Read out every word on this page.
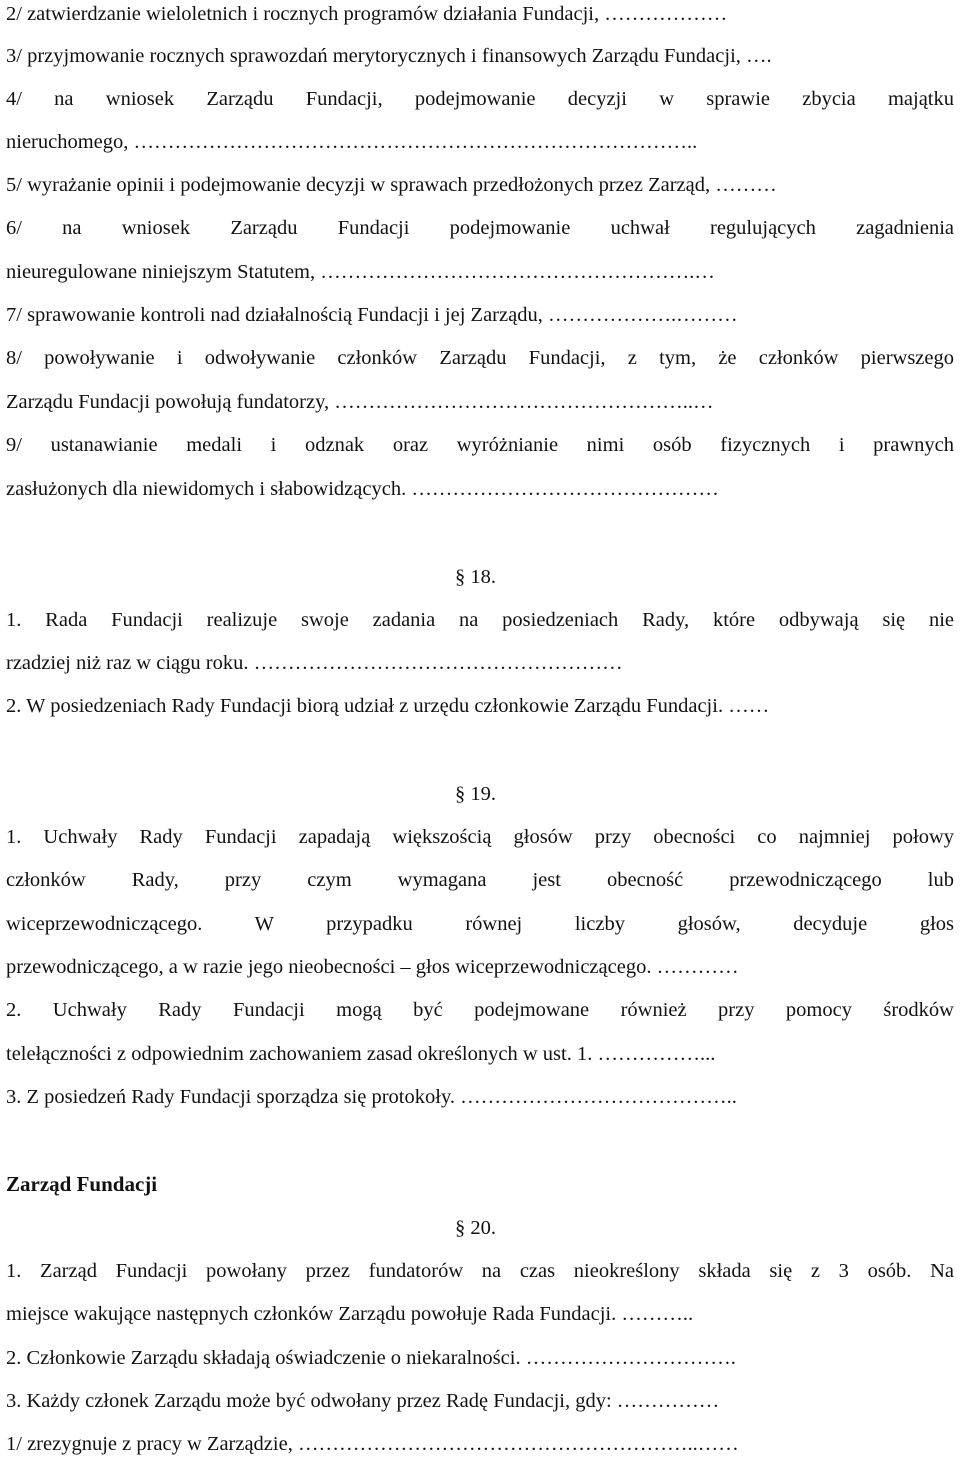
2/ zatwierdzanie wieloletnich i rocznych programów działania Fundacji, ………………
3/ przyjmowanie rocznych sprawozdań merytorycznych i finansowych Zarządu Fundacji, ….
4/ na wniosek Zarządu Fundacji, podejmowanie decyzji w sprawie zbycia majątku
nieruchomego, ………………………………………………………………………..
5/ wyrażanie opinii i podejmowanie decyzji w sprawach przedłożonych przez Zarząd, ………
6/ na wniosek Zarządu Fundacji podejmowanie uchwał regulujących zagadnienia
nieuregulowane niniejszym Statutem, ……………………………………………….…
7/ sprawowanie kontroli nad działalnością Fundacji i jej Zarządu, ……………….………
8/ powoływanie i odwoływanie członków Zarządu Fundacji, z tym, że członków pierwszego
Zarządu Fundacji powołują fundatorzy, ……………………………………………..…
9/ ustanawianie medali i odznak oraz wyróżnianie nimi osób fizycznych i prawnych
zasłużonych dla niewidomych i słabowidzących. ………………………………………
§ 18.
1. Rada Fundacji realizuje swoje zadania na posiedzeniach Rady, które odbywają się nie
rzadziej niż raz w ciągu roku. ………………………………………………
2. W posiedzeniach Rady Fundacji biorą udział z urzędu członkowie Zarządu Fundacji. ……
§ 19.
1. Uchwały Rady Fundacji zapadają większością głosów przy obecności co najmniej połowy
członków Rady, przy czym wymagana jest obecność przewodniczącego lub
wiceprzewodniczącego. W przypadku równej liczby głosów, decyduje głos
przewodniczącego, a w razie jego nieobecności – głos wiceprzewodniczącego. …………
2. Uchwały Rady Fundacji mogą być podejmowane również przy pomocy środków
telełączności z odpowiednim zachowaniem zasad określonych w ust. 1. ……………...
3. Z posiedzeń Rady Fundacji sporządza się protokoły. …………………………………..
Zarząd Fundacji
§ 20.
1. Zarząd Fundacji powołany przez fundatorów na czas nieokreślony składa się z 3 osób. Na
miejsce wakujące następnych członków Zarządu powołuje Rada Fundacji. ………..
2. Członkowie Zarządu składają oświadczenie o niekaralności. ………………………….
3. Każdy członek Zarządu może być odwołany przez Radę Fundacji, gdy: ……………
1/ zrezygnuje z pracy w Zarządzie, …………………………………………………..……
